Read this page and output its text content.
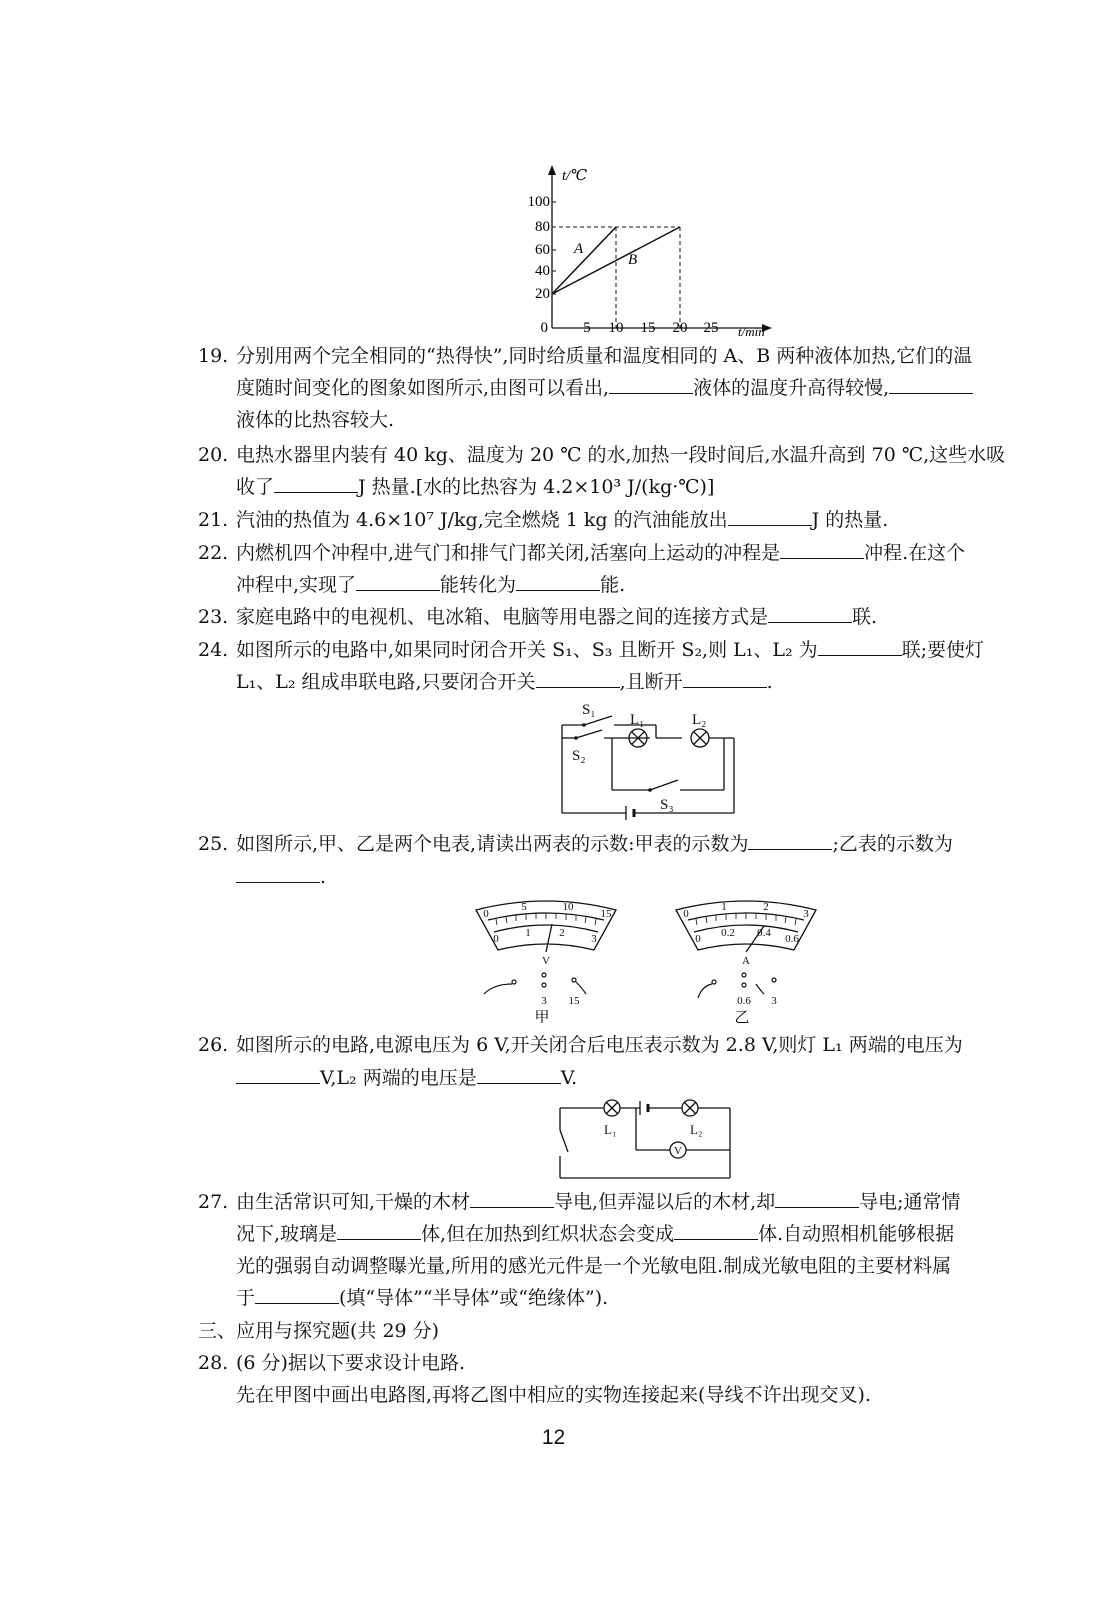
t/℃
t/min
100
80
60
40
20
0 5 10 15 20 25
A
B
19. 分别用两个完全相同的“热得快”,同时给质量和温度相同的 A、B 两种液体加热,它们的温
度随时间变化的图象如图所示,由图可以看出,	液体的温度升高得较慢,
液体的比热容较大.
20. 电热水器里内装有 40 kg、温度为 20 ℃ 的水,加热一段时间后,水温升高到 70 ℃,这些水吸
收了	J 热量.[水的比热容为 4.2×10³ J/(kg·℃)]
21. 汽油的热值为 4.6×10⁷ J/kg,完全燃烧 1 kg 的汽油能放出	J 的热量.
22. 内燃机四个冲程中,进气门和排气门都关闭,活塞向上运动的冲程是	冲程.在这个
冲程中,实现了	能转化为	能.
23. 家庭电路中的电视机、电冰箱、电脑等用电器之间的连接方式是	联.
24. 如图所示的电路中,如果同时闭合开关 S₁、S₃ 且断开 S₂,则 L₁、L₂ 为	联;要使灯
L₁、L₂ 组成串联电路,只要闭合开关	,且断开	.
S₁
S₂
S₃
L₁	L₂
25. 如图所示,甲、乙是两个电表,请读出两表的示数:甲表的示数为	;乙表的示数为
.
0
5	10
15
0 1	2 3
V
3 15
甲
0
1	2
3
0 0.2 0.4 0.6
A
0.6 3
乙
26. 如图所示的电路,电源电压为 6 V,开关闭合后电压表示数为 2.8 V,则灯 L₁ 两端的电压为
V,L₂ 两端的电压是	V.
L₁	L₂
V
27. 由生活常识可知,干燥的木材	导电,但弄湿以后的木材,却	导电;通常情
况下,玻璃是	体,但在加热到红炽状态会变成	体.自动照相机能够根据
光的强弱自动调整曝光量,所用的感光元件是一个光敏电阻.制成光敏电阻的主要材料属
于	(填“导体”“半导体”或“绝缘体”).
三、应用与探究题(共 29 分)
28. (6 分)据以下要求设计电路.
先在甲图中画出电路图,再将乙图中相应的实物连接起来(导线不许出现交叉).
12
